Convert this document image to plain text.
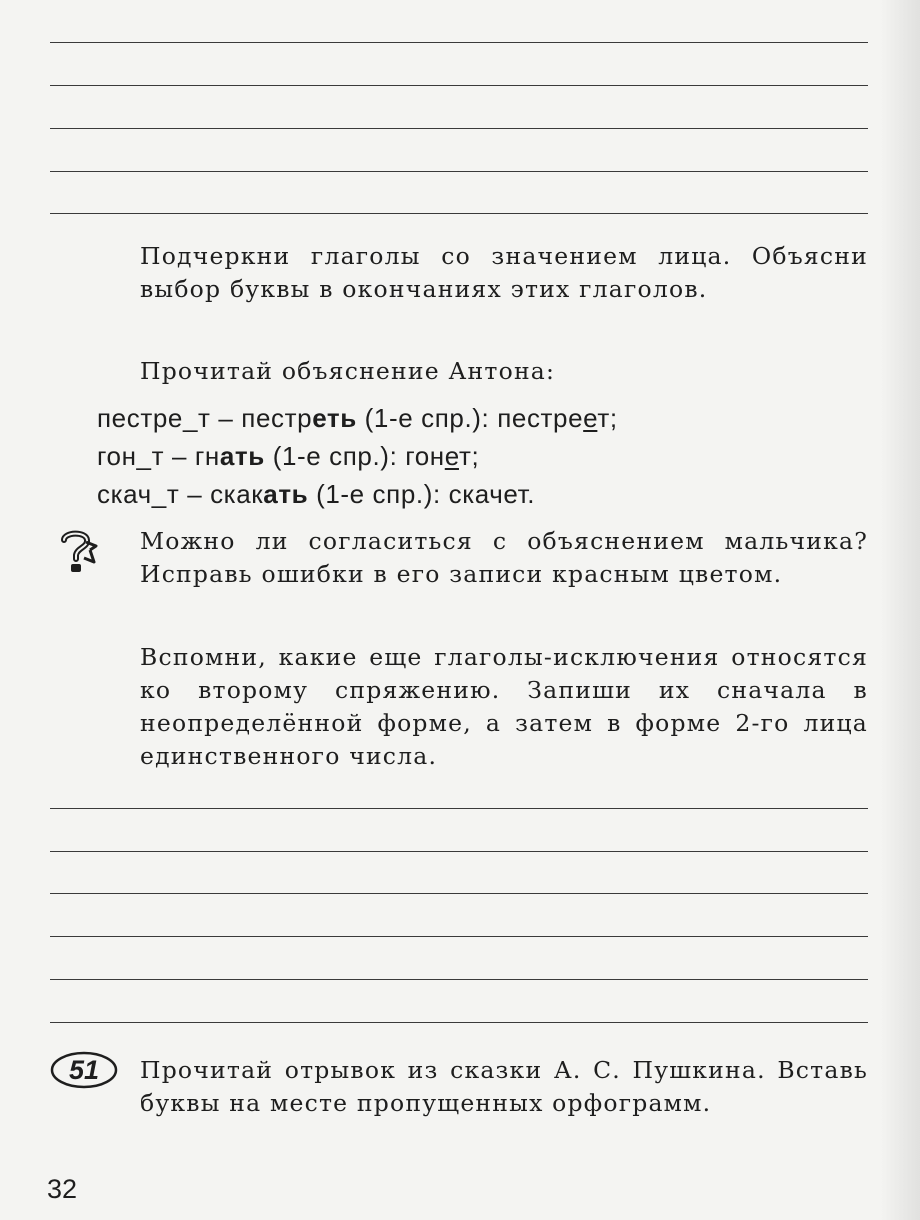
Подчеркни глаголы со значением лица. Объясни выбор буквы в окончаниях этих глаголов.
Прочитай объяснение Антона:
пестре_т – пестреть (1-е спр.): пестреет;
гон_т – гнать (1-е спр.): гонет;
скач_т – скакать (1-е спр.): скачет.
Можно ли согласиться с объяснением мальчика? Исправь ошибки в его записи красным цветом.
Вспомни, какие еще глаголы-исключения относятся ко второму спряжению. Запиши их сначала в неопределённой форме, а затем в форме 2-го лица единственного числа.
51	Прочитай отрывок из сказки А. С. Пушкина. Вставь буквы на месте пропущенных орфограмм.
32
